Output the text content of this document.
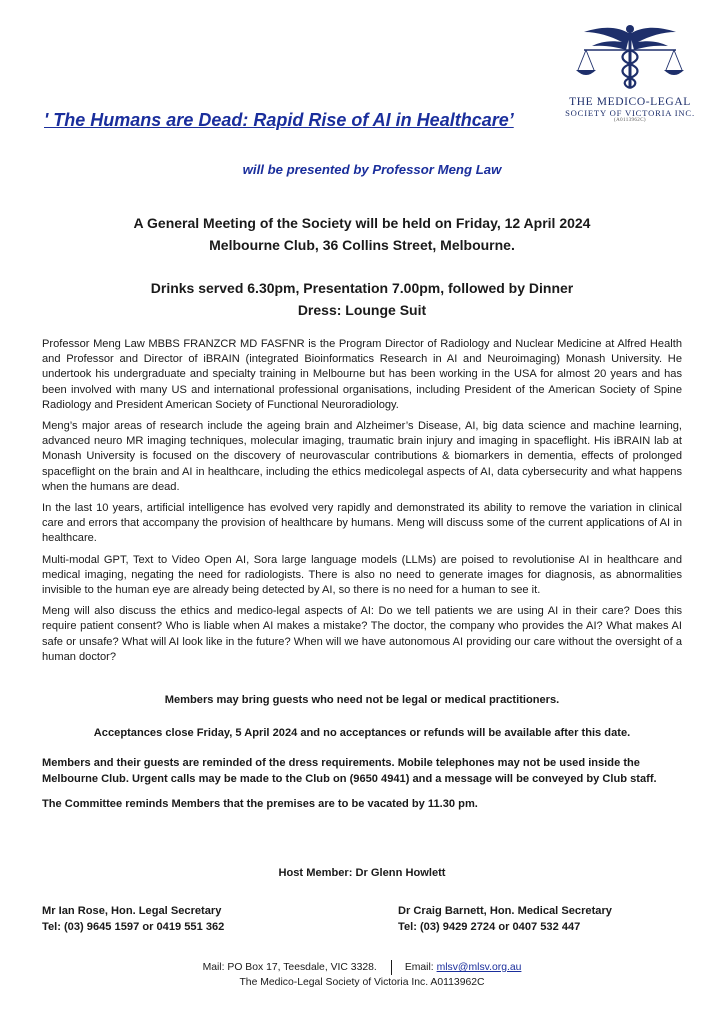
THE MEDICO-LEGAL
SOCIETY OF VICTORIA INC.
(A0113962C)
' The Humans are Dead: Rapid Rise of AI in Healthcare’
will be presented by Professor Meng Law
A General Meeting of the Society will be held on Friday, 12 April 2024
Melbourne Club, 36 Collins Street, Melbourne.
Drinks served 6.30pm, Presentation 7.00pm, followed by Dinner
Dress: Lounge Suit

Professor Meng Law MBBS FRANZCR MD FASFNR is the Program Director of Radiology and Nuclear Medicine at Alfred Health and Professor and Director of iBRAIN (integrated Bioinformatics Research in AI and Neuroimaging) Monash University. He undertook his undergraduate and specialty training in Melbourne but has been working in the USA for almost 20 years and has been involved with many US and international professional organisations, including President of the American Society of Spine Radiology and President American Society of Functional Neuroradiology.

Meng’s major areas of research include the ageing brain and Alzheimer’s Disease, AI, big data science and machine learning, advanced neuro MR imaging techniques, molecular imaging, traumatic brain injury and imaging in spaceflight. His iBRAIN lab at Monash University is focused on the discovery of neurovascular contributions & biomarkers in dementia, effects of prolonged spaceflight on the brain and AI in healthcare, including the ethics medicolegal aspects of AI, data cybersecurity and what happens when the humans are dead.

In the last 10 years, artificial intelligence has evolved very rapidly and demonstrated its ability to remove the variation in clinical care and errors that accompany the provision of healthcare by humans. Meng will discuss some of the current applications of AI in healthcare.

Multi-modal GPT, Text to Video Open AI, Sora large language models (LLMs) are poised to revolutionise AI in healthcare and medical imaging, negating the need for radiologists. There is also no need to generate images for diagnosis, as abnormalities invisible to the human eye are already being detected by AI, so there is no need for a human to see it.

Meng will also discuss the ethics and medico-legal aspects of AI: Do we tell patients we are using AI in their care? Does this require patient consent? Who is liable when AI makes a mistake? The doctor, the company who provides the AI? What makes AI safe or unsafe? What will AI look like in the future? When will we have autonomous AI providing our care without the oversight of a human doctor?

Members may bring guests who need not be legal or medical practitioners.
Acceptances close Friday, 5 April 2024 and no acceptances or refunds will be available after this date.
Members and their guests are reminded of the dress requirements. Mobile telephones may not be used inside the Melbourne Club. Urgent calls may be made to the Club on (9650 4941) and a message will be conveyed by Club staff.
The Committee reminds Members that the premises are to be vacated by 11.30 pm.
Host Member: Dr Glenn Howlett
Mr Ian Rose, Hon. Legal Secretary
Tel: (03) 9645 1597 or 0419 551 362
Dr Craig Barnett, Hon. Medical Secretary
Tel: (03) 9429 2724 or 0407 532 447
Mail: PO Box 17, Teesdale, VIC 3328.	Email:
mlsv@mlsv.org.au
The Medico-Legal Society of Victoria Inc. A0113962C
